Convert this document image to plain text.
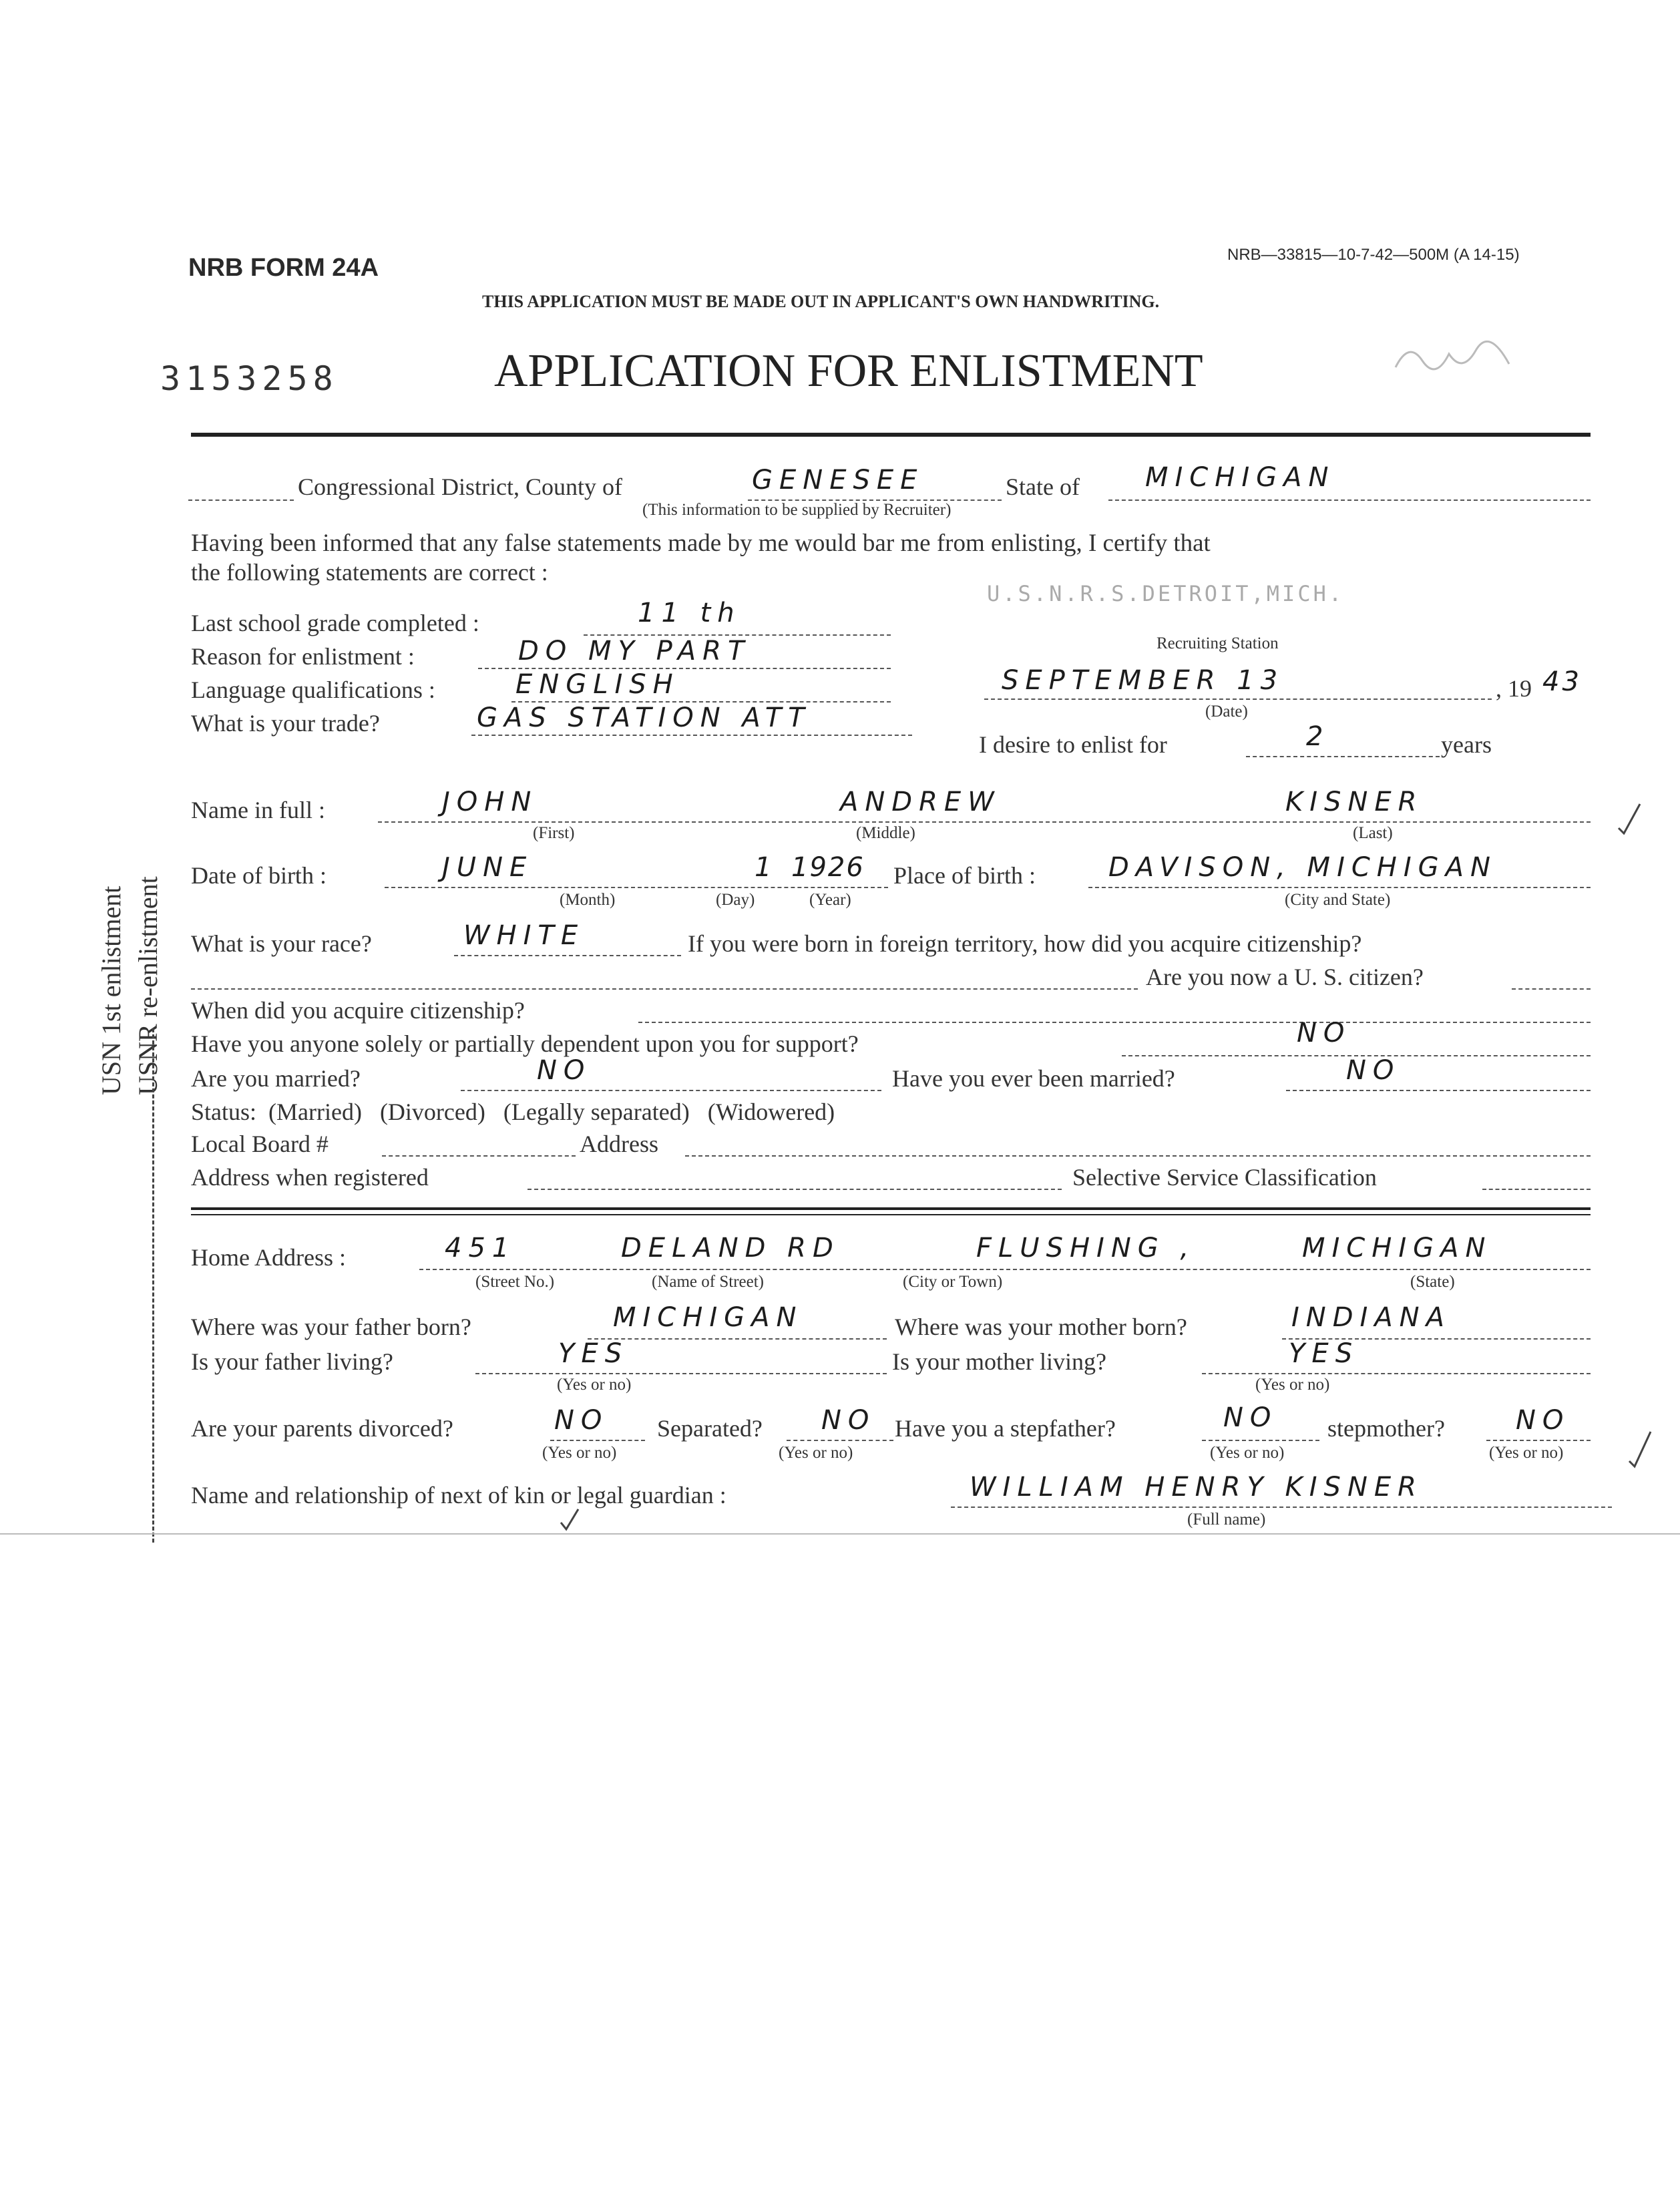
NRB FORM 24A	NRB—33815—10-7-42—500M (A 14-15)
THIS APPLICATION MUST BE MADE OUT IN APPLICANT'S OWN HANDWRITING.
3153258	APPLICATION FOR ENLISTMENT
USN 1st enlistment USNR re-enlistment
Congressional District, County of	GENESEE	State of MICHIGAN
(This information to be supplied by Recruiter)
Having been informed that any false statements made by me would bar me from enlisting, I certify that
the following statements are correct :
Last school grade completed :	11 th
Reason for enlistment :	DO MY PART
Language qualifications :	ENGLISH
What is your trade?	GAS STATION ATT
U.S.N.R.S.DETROIT,MICH.
Recruiting Station
SEPTEMBER 13	, 19 43
(Date)
I desire to enlist for	2	years
Name in full :	JOHN	ANDREW	KISNER
(First)	(Middle)	(Last)
Date of birth :	JUNE	1 1926 Place of birth :	DAVISON, MICHIGAN
(Month)	(Day)	(Year)	(City and State)
What is your race?	WHITE	If you were born in foreign territory, how did you acquire citizenship?
Are you now a U. S. citizen?
When did you acquire citizenship?
Have you anyone solely or partially dependent upon you for support?	NO
Are you married?	NO	Have you ever been married?	NO
Status:  (Married)   (Divorced)   (Legally separated)   (Widowered)
Local Board #	Address
Address when registered	Selective Service Classification
Home Address :	451	DELAND RD	FLUSHING ,	MICHIGAN
(Street No.)	(Name of Street)	(City or Town)	(State)
Where was your father born?	MICHIGAN	Where was your mother born?	INDIANA
Is your father living?	YES	Is your mother living?	YES
(Yes or no)	(Yes or no)
Are your parents divorced?	NO Separated? NO Have you a stepfather?	NO stepmother?	NO
(Yes or no)	(Yes or no)	(Yes or no)	(Yes or no)
Name and relationship of next of kin or legal guardian :	WILLIAM HENRY KISNER
(Full name)
